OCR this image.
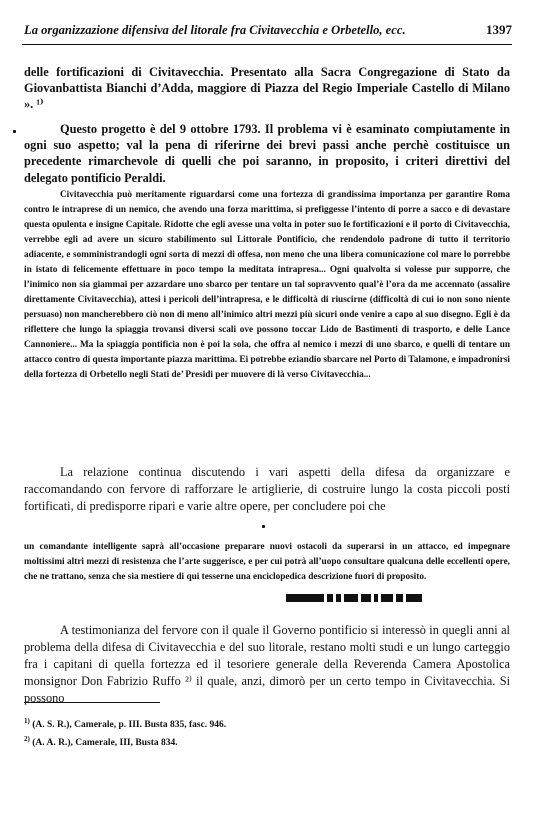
La organizzazione difensiva del litorale fra Civitavecchia e Orbetello, ecc.	1397
delle fortificazioni di Civitavecchia. Presentato alla Sacra Congregazione di Stato da Giovanbattista Bianchi d’Adda, maggiore di Piazza del Regio Imperiale Castello di Milano ». ¹⁾
Questo progetto è del 9 ottobre 1793. Il problema vi è esaminato compiutamente in ogni suo aspetto; val la pena di riferirne dei brevi passi anche perchè costituisce un precedente rimarchevole di quelli che poi saranno, in proposito, i criteri direttivi del delegato pontificio Peraldi.
Civitavecchia può meritamente riguardarsi come una fortezza di grandissima importanza per garantire Roma contro le intraprese di un nemico, che avendo una forza marittima, si prefiggesse l’intento di porre a sacco e di devastare questa opulenta e insigne Capitale. Ridotte che egli avesse una volta in poter suo le fortificazioni e il porto di Civitavecchia, verrebbe egli ad avere un sicuro stabilimento sul Littorale Pontificio, che rendendolo padrone di tutto il territorio adiacente, e somministrandogli ogni sorta di mezzi di offesa, non meno che una libera comunicazione col mare lo porrebbe in istato di felicemente effettuare in poco tempo la meditata intrapresa... Ogni qualvolta si volesse pur supporre, che l’inimico non sia giammai per azzardare uno sbarco per tentare un tal sopravvento qual’è l’ora da me accennato (assalire direttamente Civitavecchia), attesi i pericoli dell’intrapresa, e le difficoltà di riuscirne (difficoltà di cui io non sono niente persuaso) non mancherebbero ciò non di meno all’inimico altri mezzi più sicuri onde venire a capo al suo disegno. Egli è da riflettere che lungo la spiaggia trovansi diversi scali ove possono toccar Lido de Bastimenti di trasporto, e delle Lance Cannoniere... Ma la spiaggia pontificia non è poi la sola, che offra al nemico i mezzi di uno sbarco, e quelli di tentare un attacco contro di questa importante piazza marittima. Ei potrebbe eziandio sbarcare nel Porto di Talamone, e impadronirsi della fortezza di Orbetello negli Stati de’ Presidi per muovere di là verso Civitavecchia...
La relazione continua discutendo i vari aspetti della difesa da organizzare e raccomandando con fervore di rafforzare le artiglierie, di costruire lungo la costa piccoli posti fortificati, di predisporre ripari e varie altre opere, per concludere poi che
un comandante intelligente saprà all’occasione preparare nuovi ostacoli da superarsi in un attacco, ed impegnare moltissimi altri mezzi di resistenza che l’arte suggerisce, e per cui potrà all’uopo consultare qualcuna delle eccellenti opere, che ne trattano, senza che sia mestiere di qui tesserne una enciclopedica descrizione fuori di proposito.
A testimonianza del fervore con il quale il Governo pontificio si interessò in quegli anni al problema della difesa di Civitavecchia e del suo litorale, restano molti studi e un lungo carteggio fra i capitani di quella fortezza ed il tesoriere generale della Reverenda Camera Apostolica monsignor Don Fabrizio Ruffo ²⁾ il quale, anzi, dimorò per un certo tempo in Civitavecchia. Si possono
$^{1)}$ (A. S. R.), Camerale, p. III. Busta 835, fasc. 946.
$^{2)}$ (A. A. R.), Camerale, III, Busta 834.
